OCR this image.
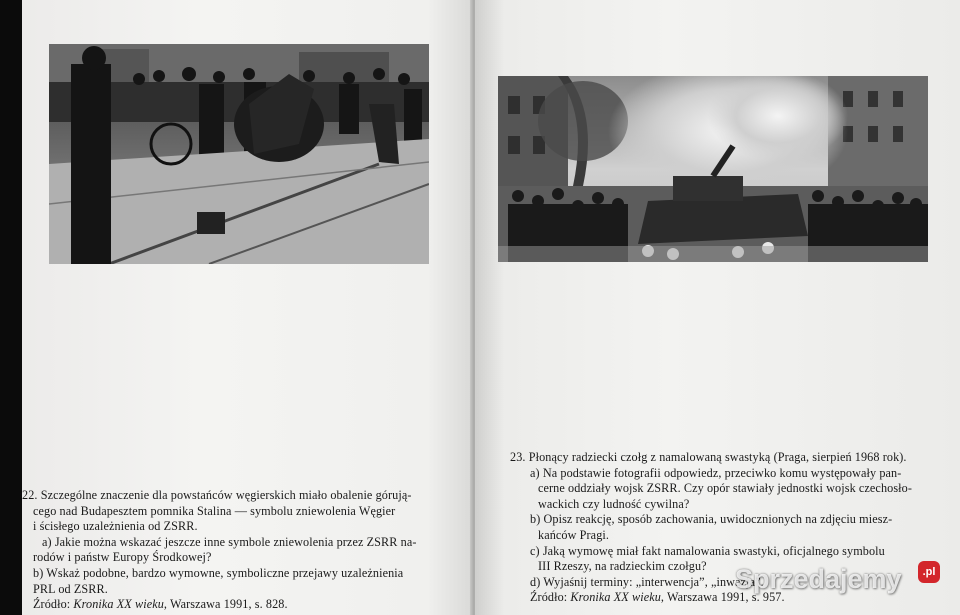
22. Szczególne znaczenie dla powstańców węgierskich miało obalenie górują-

cego nad Budapesztem pomnika Stalina — symbolu zniewolenia Węgier

i ścisłego uzależnienia od ZSRR.

a) Jakie można wskazać jeszcze inne symbole zniewolenia przez ZSRR na-

rodów i państw Europy Środkowej?

b) Wskaż podobne, bardzo wymowne, symboliczne przejawy uzależnienia

PRL od ZSRR.

Źródło: Kronika XX wieku, Warszawa 1991, s. 828.

23. Płonący radziecki czołg z namalowaną swastyką (Praga, sierpień 1968 rok).

a) Na podstawie fotografii odpowiedz, przeciwko komu występowały pan-

cerne oddziały wojsk ZSRR. Czy opór stawiały jednostki wojsk czechosło-

wackich czy ludność cywilna?

b) Opisz reakcję, sposób zachowania, uwidocznionych na zdjęciu miesz-

kańców Pragi.

c) Jaką wymowę miał fakt namalowania swastyki, oficjalnego symbolu

III Rzeszy, na radzieckim czołgu?

d) Wyjaśnij terminy: „interwencja”, „inwazja”.

Źródło: Kronika XX wieku, Warszawa 1991, s. 957.

Sprzedajemy	.pl
